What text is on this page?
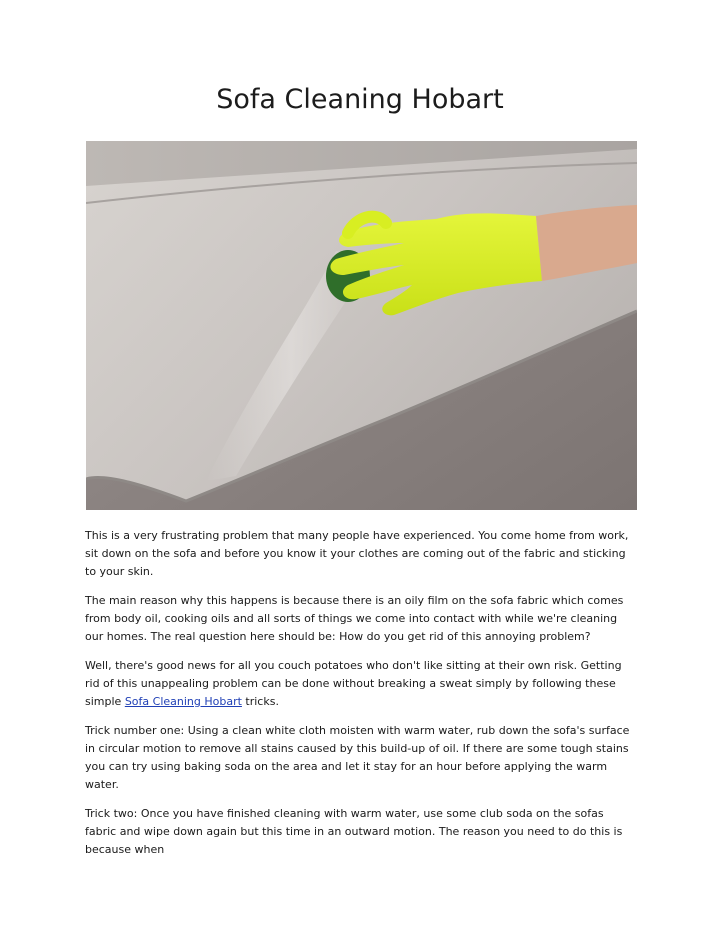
Sofa Cleaning Hobart

This is a very frustrating problem that many people have experienced. You come home from work, sit down on the sofa and before you know it your clothes are coming out of the fabric and sticking to your skin.

The main reason why this happens is because there is an oily film on the sofa fabric which comes from body oil, cooking oils and all sorts of things we come into contact with while we're cleaning our homes. The real question here should be: How do you get rid of this annoying problem?

Well, there's good news for all you couch potatoes who don't like sitting at their own risk. Getting rid of this unappealing problem can be done without breaking a sweat simply by following these simple Sofa Cleaning Hobart tricks.

Trick number one: Using a clean white cloth moisten with warm water, rub down the sofa's surface in circular motion to remove all stains caused by this build-up of oil. If there are some tough stains you can try using baking soda on the area and let it stay for an hour before applying the warm water.

Trick two: Once you have finished cleaning with warm water, use some club soda on the sofas fabric and wipe down again but this time in an outward motion. The reason you need to do this is because when
